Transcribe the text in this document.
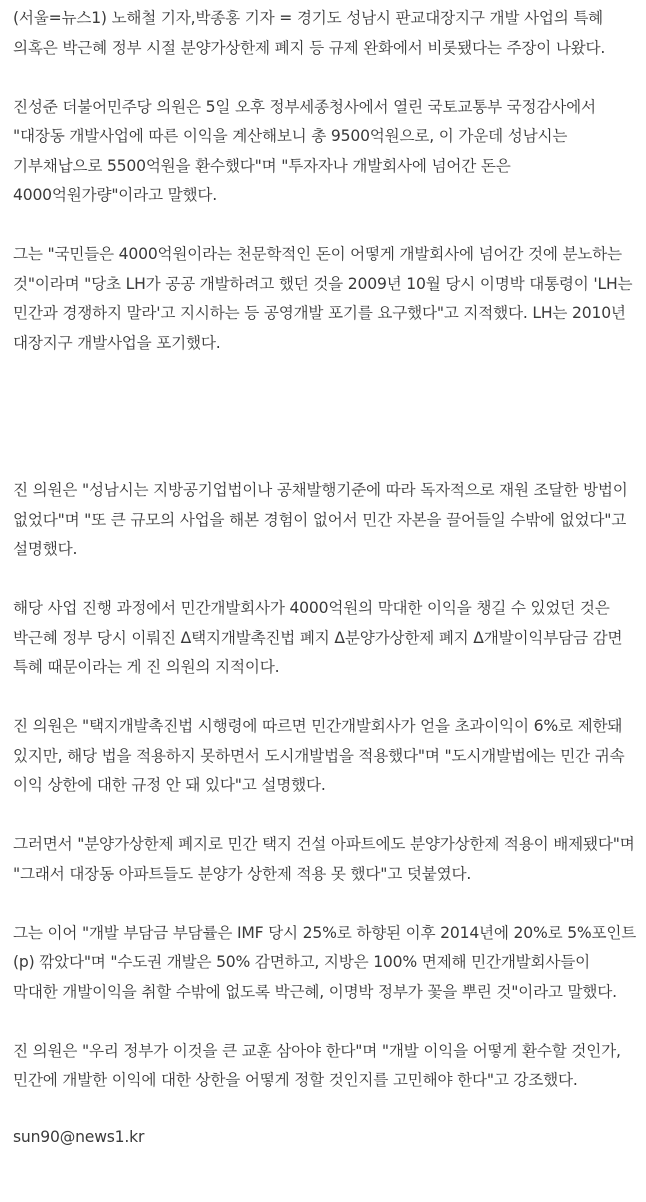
(서울=뉴스1) 노해철 기자,박종홍 기자 = 경기도 성남시 판교대장지구 개발 사업의 특혜 의혹은 박근혜 정부 시절 분양가상한제 폐지 등 규제 완화에서 비롯됐다는 주장이 나왔다.

진성준 더불어민주당 의원은 5일 오후 정부세종청사에서 열린 국토교통부 국정감사에서 "대장동 개발사업에 따른 이익을 계산해보니 총 9500억원으로, 이 가운데 성남시는 기부채납으로 5500억원을 환수했다"며 "투자자나 개발회사에 넘어간 돈은 4000억원가량"이라고 말했다.

그는 "국민들은 4000억원이라는 천문학적인 돈이 어떻게 개발회사에 넘어간 것에 분노하는 것"이라며 "당초 LH가 공공 개발하려고 했던 것을 2009년 10월 당시 이명박 대통령이 'LH는 민간과 경쟁하지 말라'고 지시하는 등 공영개발 포기를 요구했다"고 지적했다. LH는 2010년 대장지구 개발사업을 포기했다.

진 의원은 "성남시는 지방공기업법이나 공채발행기준에 따라 독자적으로 재원 조달한 방법이 없었다"며 "또 큰 규모의 사업을 해본 경험이 없어서 민간 자본을 끌어들일 수밖에 없었다"고 설명했다.

해당 사업 진행 과정에서 민간개발회사가 4000억원의 막대한 이익을 챙길 수 있었던 것은 박근혜 정부 당시 이뤄진 Δ택지개발촉진법 폐지 Δ분양가상한제 폐지 Δ개발이익부담금 감면 특혜 때문이라는 게 진 의원의 지적이다.

진 의원은 "택지개발촉진법 시행령에 따르면 민간개발회사가 얻을 초과이익이 6%로 제한돼 있지만, 해당 법을 적용하지 못하면서 도시개발법을 적용했다"며 "도시개발법에는 민간 귀속 이익 상한에 대한 규정 안 돼 있다"고 설명했다.

그러면서 "분양가상한제 폐지로 민간 택지 건설 아파트에도 분양가상한제 적용이 배제됐다"며 "그래서 대장동 아파트들도 분양가 상한제 적용 못 했다"고 덧붙였다.

그는 이어 "개발 부담금 부담률은 IMF 당시 25%로 하향된 이후 2014년에 20%로 5%포인트(p) 깎았다"며 "수도권 개발은 50% 감면하고, 지방은 100% 면제해 민간개발회사들이 막대한 개발이익을 취할 수밖에 없도록 박근혜, 이명박 정부가 꽃을 뿌린 것"이라고 말했다.

진 의원은 "우리 정부가 이것을 큰 교훈 삼아야 한다"며 "개발 이익을 어떻게 환수할 것인가, 민간에 개발한 이익에 대한 상한을 어떻게 정할 것인지를 고민해야 한다"고 강조했다.

sun90@news1.kr
